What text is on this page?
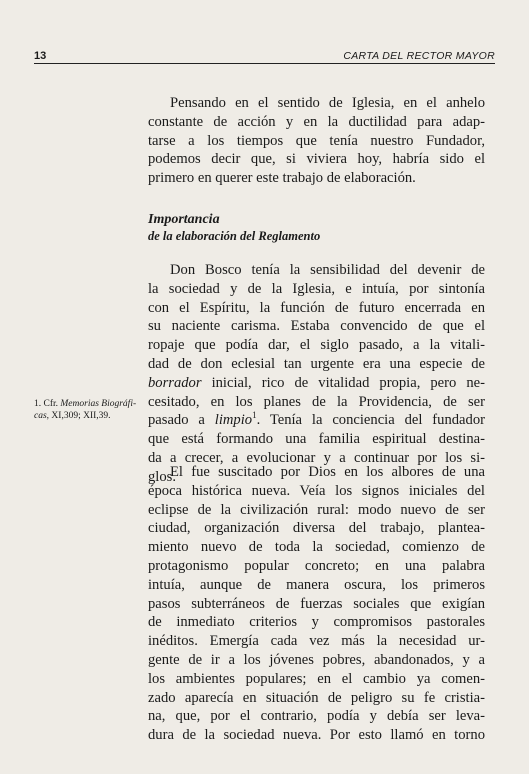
13	CARTA DEL RECTOR MAYOR
Pensando en el sentido de Iglesia, en el anhelo
constante de acción y en la ductilidad para adap-
tarse a los tiempos que tenía nuestro Fundador,
podemos decir que, si viviera hoy, habría sido el
primero en querer este trabajo de elaboración.
Importancia
de la elaboración del Reglamento
Don Bosco tenía la sensibilidad del devenir de
la sociedad y de la Iglesia, e intuía, por sintonía
con el Espíritu, la función de futuro encerrada en
su naciente carisma. Estaba convencido de que el
ropaje que podía dar, el siglo pasado, a la vitali-
dad de don eclesial tan urgente era una especie de
borrador inicial, rico de vitalidad propia, pero ne-
cesitado, en los planes de la Providencia, de ser
pasado a limpio$^1$. Tenía la conciencia del fundador
que está formando una familia espiritual destina-
da a crecer, a evolucionar y a continuar por los si-
glos.
El fue suscitado por Dios en los albores de una
época histórica nueva. Veía los signos iniciales del
eclipse de la civilización rural: modo nuevo de ser
ciudad, organización diversa del trabajo, plantea-
miento nuevo de toda la sociedad, comienzo de
protagonismo popular concreto; en una palabra
intuía, aunque de manera oscura, los primeros
pasos subterráneos de fuerzas sociales que exigían
de inmediato criterios y compromisos pastorales
inéditos. Emergía cada vez más la necesidad ur-
gente de ir a los jóvenes pobres, abandonados, y a
los ambientes populares; en el cambio ya comen-
zado aparecía en situación de peligro su fe cristia-
na, que, por el contrario, podía y debía ser leva-
dura de la sociedad nueva. Por esto llamó en torno
1. Cfr. Memorias Biográfi-cas, XI,309; XII,39.
